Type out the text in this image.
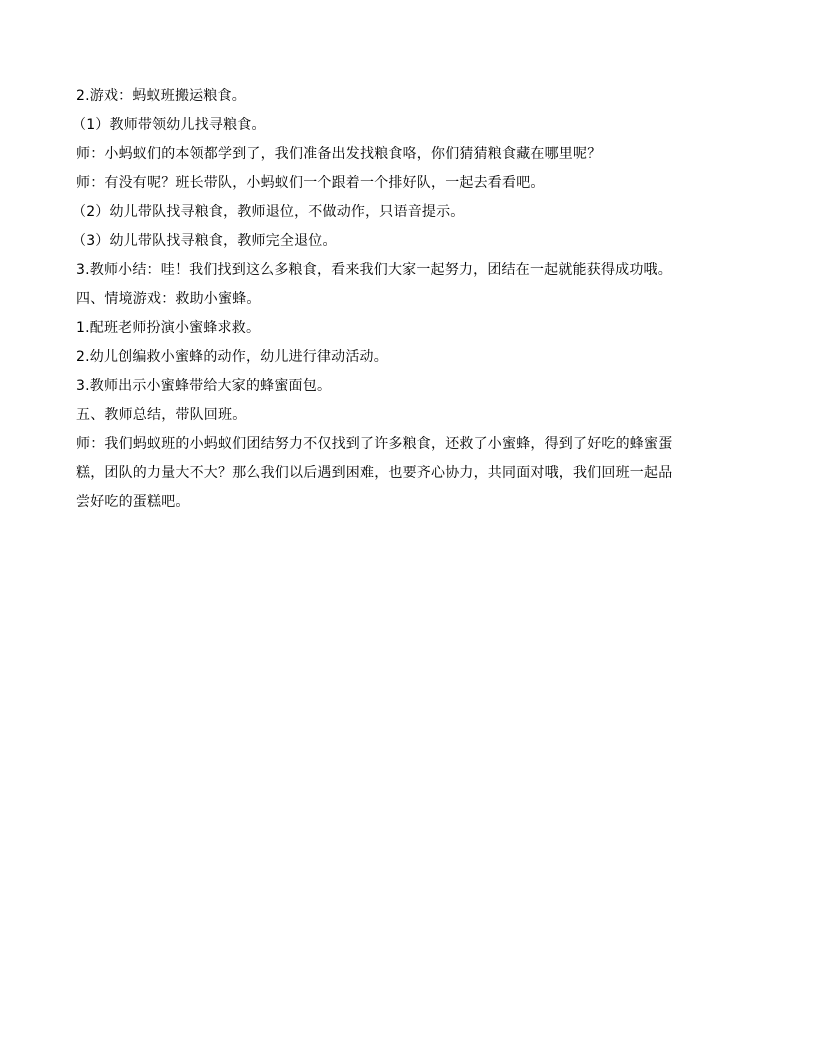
2.游戏：蚂蚁班搬运粮食。
（1）教师带领幼儿找寻粮食。
师：小蚂蚁们的本领都学到了，我们准备出发找粮食咯，你们猜猜粮食藏在哪里呢？
师：有没有呢？班长带队，小蚂蚁们一个跟着一个排好队，一起去看看吧。
（2）幼儿带队找寻粮食，教师退位，不做动作，只语音提示。
（3）幼儿带队找寻粮食，教师完全退位。
3.教师小结：哇！我们找到这么多粮食，看来我们大家一起努力，团结在一起就能获得成功哦。
四、情境游戏：救助小蜜蜂。
1.配班老师扮演小蜜蜂求救。
2.幼儿创编救小蜜蜂的动作，幼儿进行律动活动。
3.教师出示小蜜蜂带给大家的蜂蜜面包。
五、教师总结，带队回班。
师：我们蚂蚁班的小蚂蚁们团结努力不仅找到了许多粮食，还救了小蜜蜂，得到了好吃的蜂蜜蛋
糕，团队的力量大不大？那么我们以后遇到困难，也要齐心协力，共同面对哦，我们回班一起品
尝好吃的蛋糕吧。
